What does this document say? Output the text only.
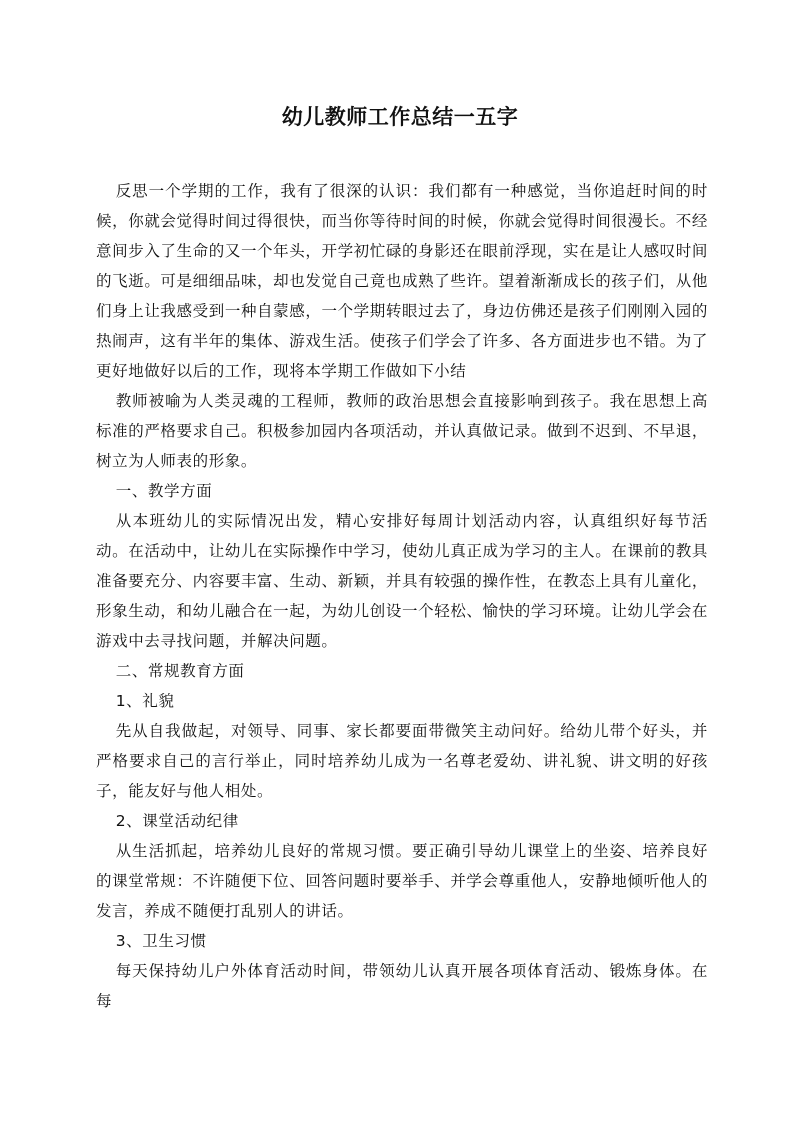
幼儿教师工作总结一五字

反思一个学期的工作，我有了很深的认识：我们都有一种感觉，当你追赶时间的时候，你就会觉得时间过得很快，而当你等待时间的时候，你就会觉得时间很漫长。不经意间步入了生命的又一个年头，开学初忙碌的身影还在眼前浮现，实在是让人感叹时间的飞逝。可是细细品味，却也发觉自己竟也成熟了些许。望着渐渐成长的孩子们，从他们身上让我感受到一种自蒙感，一个学期转眼过去了，身边仿佛还是孩子们刚刚入园的热闹声，这有半年的集体、游戏生活。使孩子们学会了许多、各方面进步也不错。为了更好地做好以后的工作，现将本学期工作做如下小结

教师被喻为人类灵魂的工程师，教师的政治思想会直接影响到孩子。我在思想上高标准的严格要求自己。积极参加园内各项活动，并认真做记录。做到不迟到、不早退，树立为人师表的形象。

一、教学方面

从本班幼儿的实际情况出发，精心安排好每周计划活动内容，认真组织好每节活动。在活动中，让幼儿在实际操作中学习，使幼儿真正成为学习的主人。在课前的教具准备要充分、内容要丰富、生动、新颖，并具有较强的操作性，在教态上具有儿童化，形象生动，和幼儿融合在一起，为幼儿创设一个轻松、愉快的学习环境。让幼儿学会在游戏中去寻找问题，并解决问题。

二、常规教育方面

1、礼貌

先从自我做起，对领导、同事、家长都要面带微笑主动问好。给幼儿带个好头，并严格要求自己的言行举止，同时培养幼儿成为一名尊老爱幼、讲礼貌、讲文明的好孩子，能友好与他人相处。

2、课堂活动纪律

从生活抓起，培养幼儿良好的常规习惯。要正确引导幼儿课堂上的坐姿、培养良好的课堂常规：不许随便下位、回答问题时要举手、并学会尊重他人，安静地倾听他人的发言，养成不随便打乱别人的讲话。

3、卫生习惯

每天保持幼儿户外体育活动时间，带领幼儿认真开展各项体育活动、锻炼身体。在每
